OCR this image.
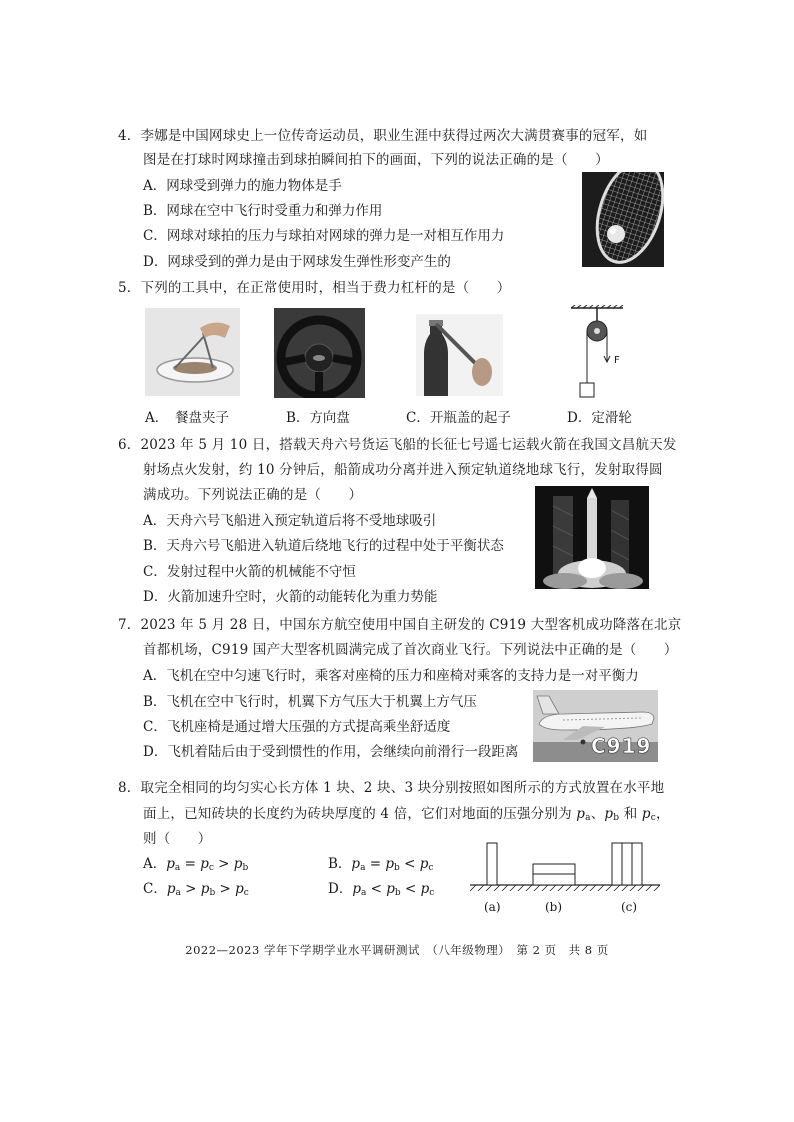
4．李娜是中国网球史上一位传奇运动员，职业生涯中获得过两次大满贯赛事的冠军，如
图是在打球时网球撞击到球拍瞬间拍下的画面，下列的说法正确的是（　　）
A．网球受到弹力的施力物体是手
B．网球在空中飞行时受重力和弹力作用
C．网球对球拍的压力与球拍对网球的弹力是一对相互作用力
D．网球受到的弹力是由于网球发生弹性形变产生的
5．下列的工具中，在正常使用时，相当于费力杠杆的是（　　）
F
A．　餐盘夹子	B．方向盘	C．开瓶盖的起子	D．定滑轮
6．2023 年 5 月 10 日，搭载天舟六号货运飞船的长征七号遥七运载火箭在我国文昌航天发
射场点火发射，约 10 分钟后，船箭成功分离并进入预定轨道绕地球飞行，发射取得圆
满成功。下列说法正确的是（　　）
A．天舟六号飞船进入预定轨道后将不受地球吸引
B．天舟六号飞船进入轨道后绕地飞行的过程中处于平衡状态
C．发射过程中火箭的机械能不守恒
D．火箭加速升空时，火箭的动能转化为重力势能
7．2023 年 5 月 28 日，中国东方航空使用中国自主研发的 C919 大型客机成功降落在北京
首都机场，C919 国产大型客机圆满完成了首次商业飞行。下列说法中正确的是（　　）
A．飞机在空中匀速飞行时，乘客对座椅的压力和座椅对乘客的支持力是一对平衡力
B．飞机在空中飞行时，机翼下方气压大于机翼上方气压
C．飞机座椅是通过增大压强的方式提高乘坐舒适度
D．飞机着陆后由于受到惯性的作用，会继续向前滑行一段距离	C919
8．取完全相同的均匀实心长方体 1 块、2 块、3 块分别按照如图所示的方式放置在水平地
面上，已知砖块的长度约为砖块厚度的 4 倍，它们对地面的压强分别为 $p_a$、$p_b$ 和 $p_c$，
则（　　）
A．$p_a = p_c > p_b$	B．$p_a = p_b < p_c$
C．$p_a > p_b > p_c$	D．$p_a < p_b < p_c$
(a)	(b)	(c)
2022—2023 学年下学期学业水平调研测试　（八年级物理）　第 2 页　共 8 页
